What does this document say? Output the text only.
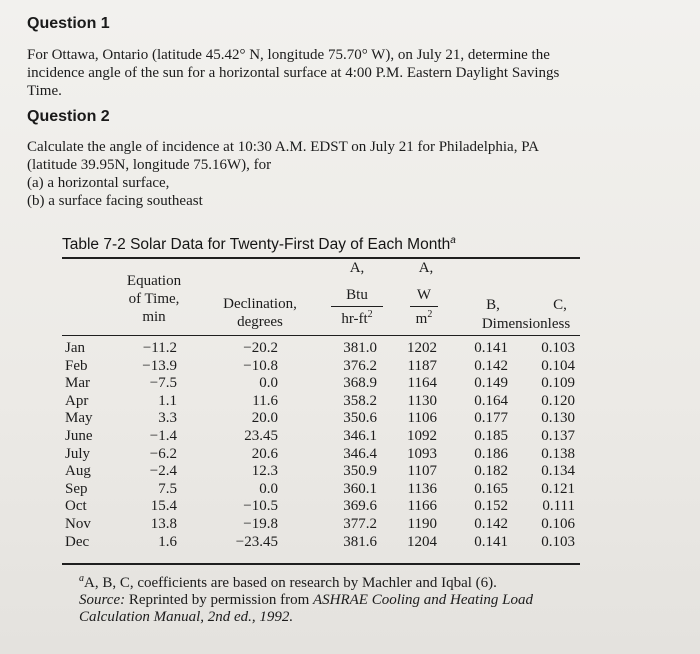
Question 1
For Ottawa, Ontario (latitude 45.42° N, longitude 75.70° W), on July 21, determine the
incidence angle of the sun for a horizontal surface at 4:00 P.M. Eastern Daylight Savings
Time.
Question 2
Calculate the angle of incidence at 10:30 A.M. EDST on July 21 for Philadelphia, PA
(latitude 39.95N, longitude 75.16W), for
(a) a horizontal surface,
(b) a surface facing southeast
Table 7-2 Solar Data for Twenty-First Day of Each Month$^a$
Equation
of Time,
min
Declination,
degrees
A,
Btu
$hr-ft^2$
A,
W
$m^2$
B,	C,
Dimensionless
Jan	−11.2	−20.2	381.0	1202	0.141	0.103
Feb	−13.9	−10.8	376.2	1187	0.142	0.104
Mar	−7.5	0.0	368.9	1164	0.149	0.109
Apr	1.1	11.6	358.2	1130	0.164	0.120
May	3.3	20.0	350.6	1106	0.177	0.130
June	−1.4	23.45	346.1	1092	0.185	0.137
July	−6.2	20.6	346.4	1093	0.186	0.138
Aug	−2.4	12.3	350.9	1107	0.182	0.134
Sep	7.5	0.0	360.1	1136	0.165	0.121
Oct	15.4	−10.5	369.6	1166	0.152	0.111
Nov	13.8	−19.8	377.2	1190	0.142	0.106
Dec	1.6	−23.45	381.6	1204	0.141	0.103
$^a$A, B, C, coefficients are based on research by Machler and Iqbal (6).
Source: Reprinted by permission from ASHRAE Cooling and Heating Load
Calculation Manual, 2nd ed., 1992.
